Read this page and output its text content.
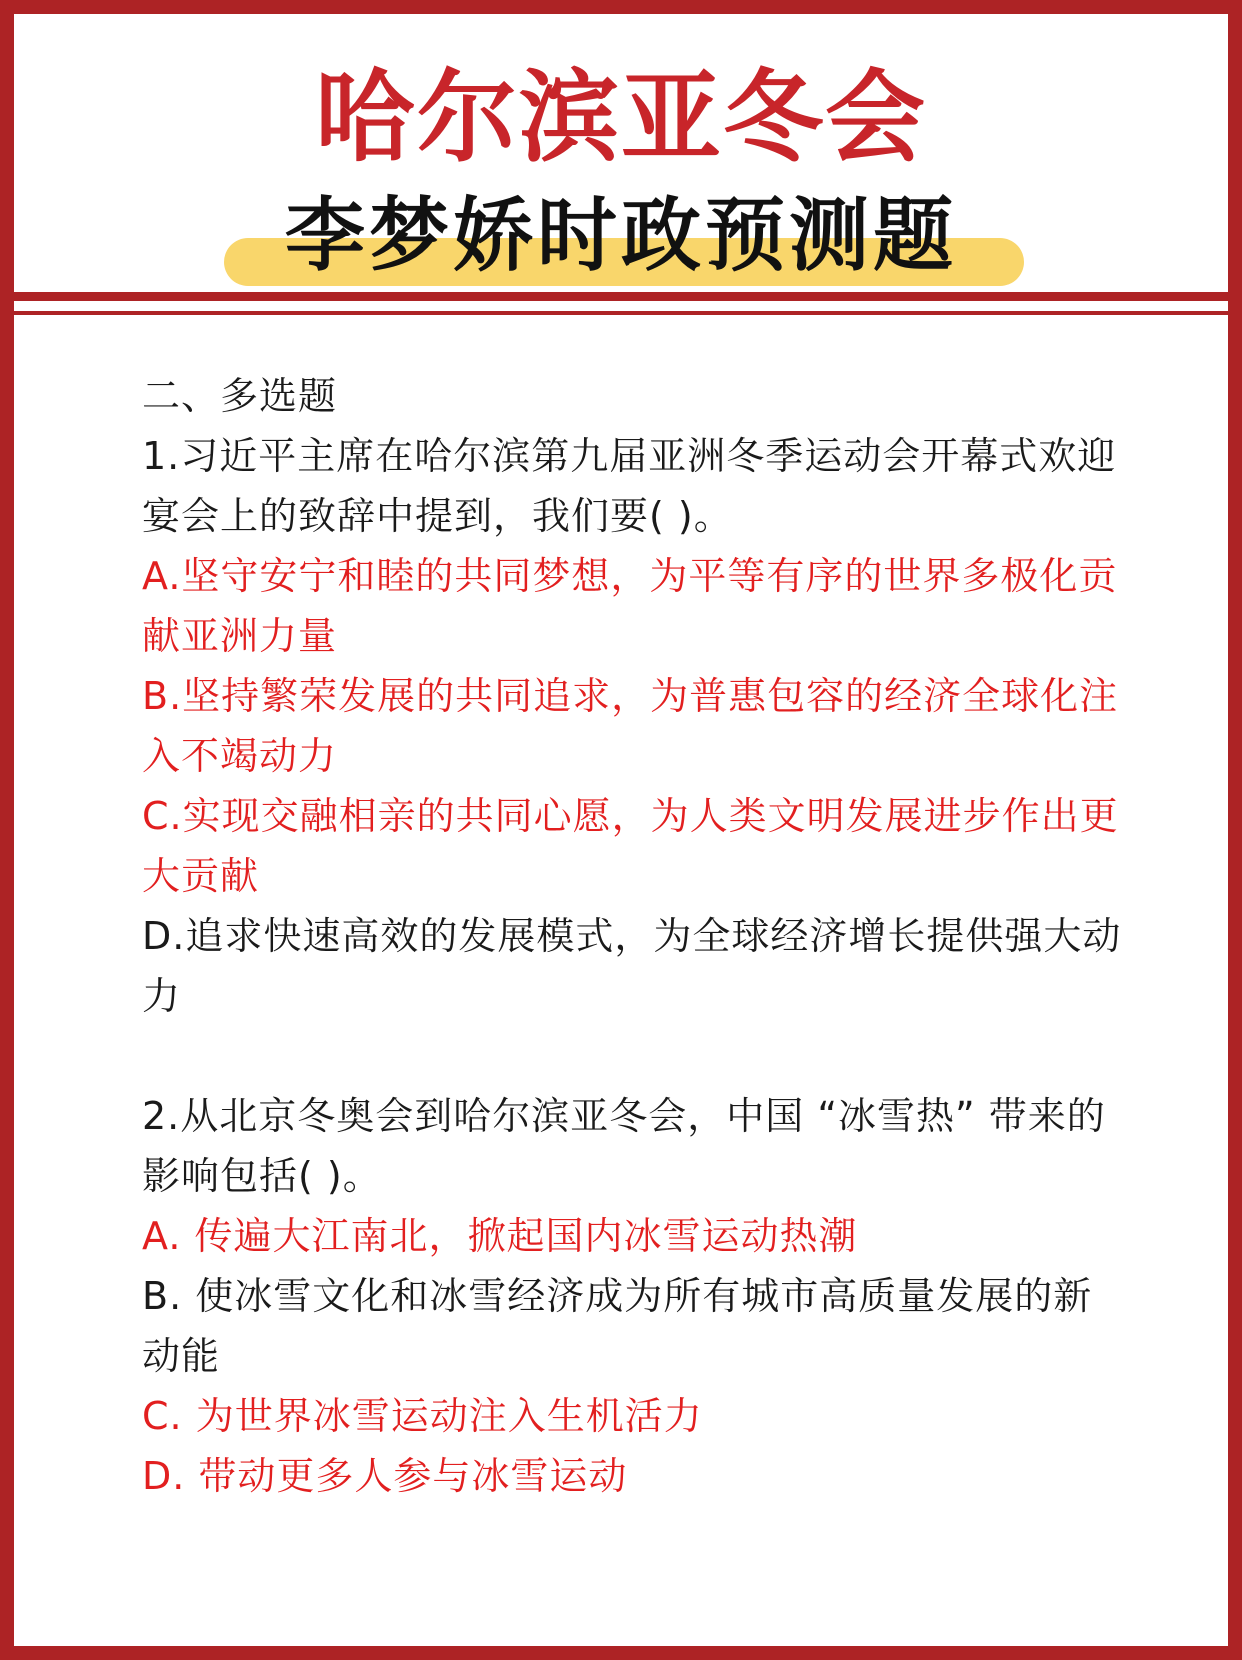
哈尔滨亚冬会
李梦娇时政预测题

二、多选题

1.习近平主席在哈尔滨第九届亚洲冬季运动会开幕式欢迎宴会上的致辞中提到，我们要( )。

A.坚守安宁和睦的共同梦想，为平等有序的世界多极化贡献亚洲力量

B.坚持繁荣发展的共同追求，为普惠包容的经济全球化注入不竭动力

C.实现交融相亲的共同心愿，为人类文明发展进步作出更大贡献

D.追求快速高效的发展模式，为全球经济增长提供强大动力

2.从北京冬奥会到哈尔滨亚冬会，中国 “冰雪热” 带来的影响包括( )。

A. 传遍大江南北，掀起国内冰雪运动热潮

B. 使冰雪文化和冰雪经济成为所有城市高质量发展的新动能

C. 为世界冰雪运动注入生机活力

D. 带动更多人参与冰雪运动
